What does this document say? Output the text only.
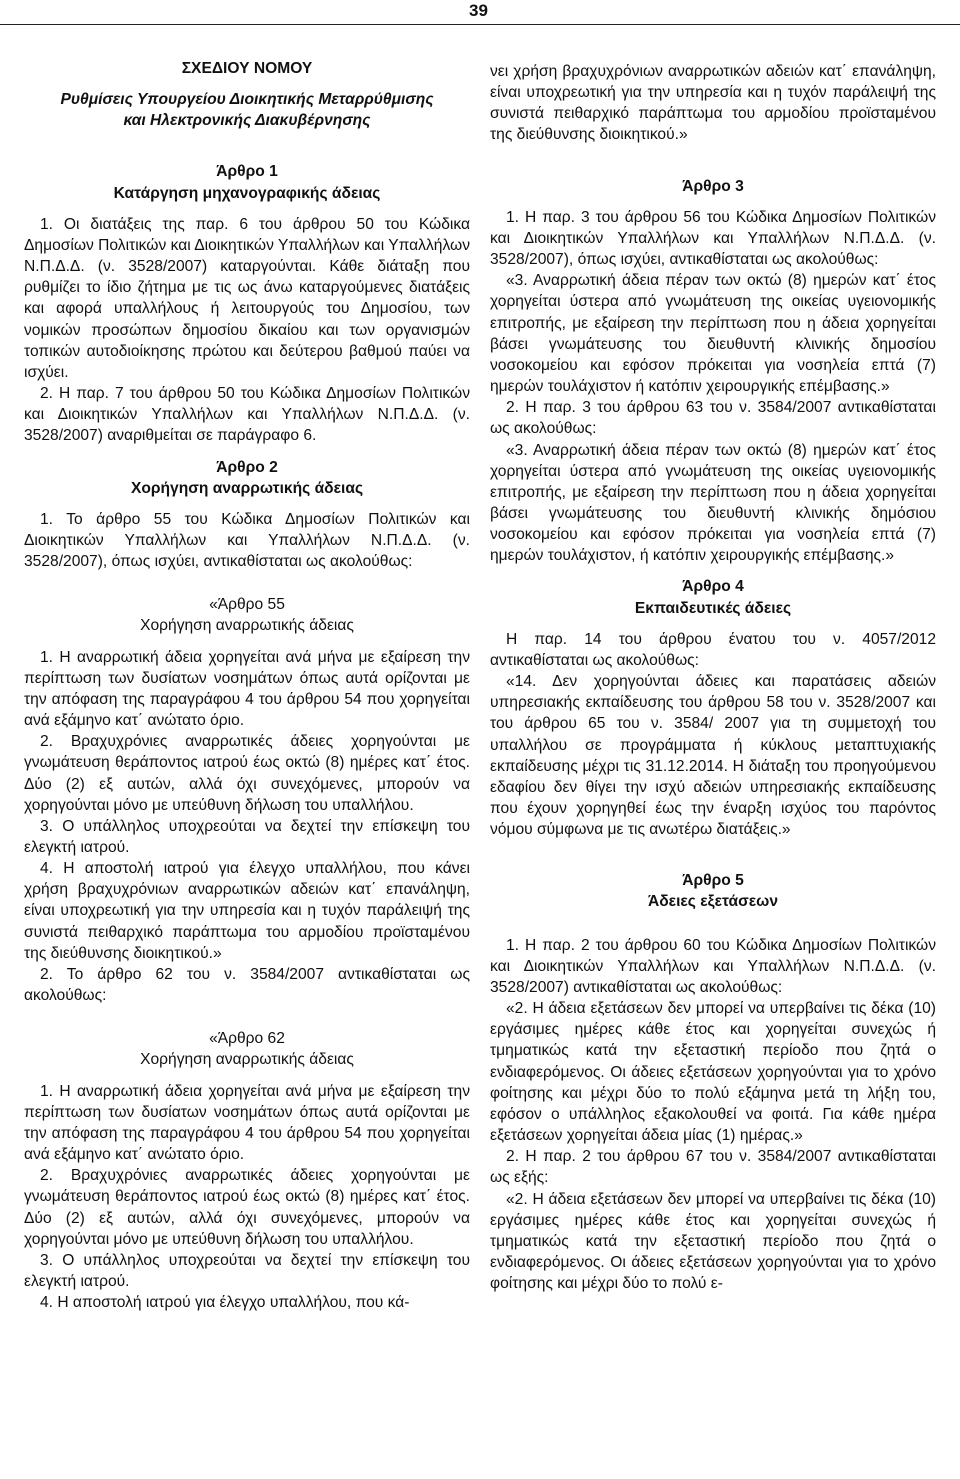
39

ΣΧΕΔΙΟΥ ΝΟΜΟΥ

Ρυθμίσεις Υπουργείου Διοικητικής Μεταρρύθμισης

και Ηλεκτρονικής Διακυβέρνησης

Άρθρο 1

Κατάργηση μηχανογραφικής άδειας

1. Οι διατάξεις της παρ. 6 του άρθρου 50 του Κώδικα Δημοσίων Πολιτικών και Διοικητικών Υπαλλήλων και Υπαλλήλων Ν.Π.Δ.Δ. (ν. 3528/2007) καταργούνται. Κάθε διάταξη που ρυθμίζει το ίδιο ζήτημα με τις ως άνω καταργούμενες διατάξεις και αφορά υπαλλήλους ή λειτουργούς του Δημοσίου, των νομικών προσώπων δημοσίου δικαίου και των οργανισμών τοπικών αυτοδιοίκησης πρώτου και δεύτερου βαθμού παύει να ισχύει.

2. Η παρ. 7 του άρθρου 50 του Κώδικα Δημοσίων Πολιτικών και Διοικητικών Υπαλλήλων και Υπαλλήλων Ν.Π.Δ.Δ. (ν. 3528/2007) αναριθμείται σε παράγραφο 6.

Άρθρο 2

Χορήγηση αναρρωτικής άδειας

1. Το άρθρο 55 του Κώδικα Δημοσίων Πολιτικών και Διοικητικών Υπαλλήλων και Υπαλλήλων Ν.Π.Δ.Δ. (ν. 3528/2007), όπως ισχύει, αντικαθίσταται ως ακολούθως:

«Άρθρο 55

Χορήγηση αναρρωτικής άδειας

1. Η αναρρωτική άδεια χορηγείται ανά μήνα με εξαίρεση την περίπτωση των δυσίατων νοσημάτων όπως αυτά ορίζονται με την απόφαση της παραγράφου 4 του άρθρου 54 που χορηγείται ανά εξάμηνο κατ΄ ανώτατο όριο.

2. Βραχυχρόνιες αναρρωτικές άδειες χορηγούνται με γνωμάτευση θεράποντος ιατρού έως οκτώ (8) ημέρες κατ΄ έτος. Δύο (2) εξ αυτών, αλλά όχι συνεχόμενες, μπορούν να χορηγούνται μόνο με υπεύθυνη δήλωση του υπαλλήλου.

3. Ο υπάλληλος υποχρεούται να δεχτεί την επίσκεψη του ελεγκτή ιατρού.

4. Η αποστολή ιατρού για έλεγχο υπαλλήλου, που κάνει χρήση βραχυχρόνιων αναρρωτικών αδειών κατ΄ επανάληψη, είναι υποχρεωτική για την υπηρεσία και η τυχόν παράλειψή της συνιστά πειθαρχικό παράπτωμα του αρμοδίου προϊσταμένου της διεύθυνσης διοικητικού.»

2. Το άρθρο 62 του ν. 3584/2007 αντικαθίσταται ως ακολούθως:

«Άρθρο 62

Χορήγηση αναρρωτικής άδειας

1. Η αναρρωτική άδεια χορηγείται ανά μήνα με εξαίρεση την περίπτωση των δυσίατων νοσημάτων όπως αυτά ορίζονται με την απόφαση της παραγράφου 4 του άρθρου 54 που χορηγείται ανά εξάμηνο κατ΄ ανώτατο όριο.

2. Βραχυχρόνιες αναρρωτικές άδειες χορηγούνται με γνωμάτευση θεράποντος ιατρού έως οκτώ (8) ημέρες κατ΄ έτος. Δύο (2) εξ αυτών, αλλά όχι συνεχόμενες, μπορούν να χορηγούνται μόνο με υπεύθυνη δήλωση του υπαλλήλου.

3. Ο υπάλληλος υποχρεούται να δεχτεί την επίσκεψη του ελεγκτή ιατρού.

4. Η αποστολή ιατρού για έλεγχο υπαλλήλου, που κά-

νει χρήση βραχυχρόνιων αναρρωτικών αδειών κατ΄ επανάληψη, είναι υποχρεωτική για την υπηρεσία και η τυχόν παράλειψή της συνιστά πειθαρχικό παράπτωμα του αρμοδίου προϊσταμένου της διεύθυνσης διοικητικού.»

Άρθρο 3

1. Η παρ. 3 του άρθρου 56 του Κώδικα Δημοσίων Πολιτικών και Διοικητικών Υπαλλήλων και Υπαλλήλων Ν.Π.Δ.Δ. (ν. 3528/2007), όπως ισχύει, αντικαθίσταται ως ακολούθως:

«3. Αναρρωτική άδεια πέραν των οκτώ (8) ημερών κατ΄ έτος χορηγείται ύστερα από γνωμάτευση της οικείας υγειονομικής επιτροπής, με εξαίρεση την περίπτωση που η άδεια χορηγείται βάσει γνωμάτευσης του διευθυντή κλινικής δημοσίου νοσοκομείου και εφόσον πρόκειται για νοσηλεία επτά (7) ημερών τουλάχιστον ή κατόπιν χειρουργικής επέμβασης.»

2. Η παρ. 3 του άρθρου 63 του ν. 3584/2007 αντικαθίσταται ως ακολούθως:

«3. Αναρρωτική άδεια πέραν των οκτώ (8) ημερών κατ΄ έτος χορηγείται ύστερα από γνωμάτευση της οικείας υγειονομικής επιτροπής, με εξαίρεση την περίπτωση που η άδεια χορηγείται βάσει γνωμάτευσης του διευθυντή κλινικής δημόσιου νοσοκομείου και εφόσον πρόκειται για νοσηλεία επτά (7) ημερών τουλάχιστον, ή κατόπιν χειρουργικής επέμβασης.»

Άρθρο 4

Εκπαιδευτικές άδειες

Η παρ. 14 του άρθρου ένατου του ν. 4057/2012 αντικαθίσταται ως ακολούθως:

«14. Δεν χορηγούνται άδειες και παρατάσεις αδειών υπηρεσιακής εκπαίδευσης του άρθρου 58 του ν. 3528/2007 και του άρθρου 65 του ν. 3584/ 2007 για τη συμμετοχή του υπαλλήλου σε προγράμματα ή κύκλους μεταπτυχιακής εκπαίδευσης μέχρι τις 31.12.2014. Η διάταξη του προηγούμενου εδαφίου δεν θίγει την ισχύ αδειών υπηρεσιακής εκπαίδευσης που έχουν χορηγηθεί έως την έναρξη ισχύος του παρόντος νόμου σύμφωνα με τις ανωτέρω διατάξεις.»

Άρθρο 5

Άδειες εξετάσεων

1. Η παρ. 2 του άρθρου 60 του Κώδικα Δημοσίων Πολιτικών και Διοικητικών Υπαλλήλων και Υπαλλήλων Ν.Π.Δ.Δ. (ν. 3528/2007) αντικαθίσταται ως ακολούθως:

«2. Η άδεια εξετάσεων δεν μπορεί να υπερβαίνει τις δέκα (10) εργάσιμες ημέρες κάθε έτος και χορηγείται συνεχώς ή τμηματικώς κατά την εξεταστική περίοδο που ζητά ο ενδιαφερόμενος. Οι άδειες εξετάσεων χορηγούνται για το χρόνο φοίτησης και μέχρι δύο το πολύ εξάμηνα μετά τη λήξη του, εφόσον ο υπάλληλος εξακολουθεί να φοιτά. Για κάθε ημέρα εξετάσεων χορηγείται άδεια μίας (1) ημέρας.»

2. Η παρ. 2 του άρθρου 67 του ν. 3584/2007 αντικαθίσταται ως εξής:

«2. Η άδεια εξετάσεων δεν μπορεί να υπερβαίνει τις δέκα (10) εργάσιμες ημέρες κάθε έτος και χορηγείται συνεχώς ή τμηματικώς κατά την εξεταστική περίοδο που ζητά ο ενδιαφερόμενος. Οι άδειες εξετάσεων χορηγούνται για το χρόνο φοίτησης και μέχρι δύο το πολύ ε-
